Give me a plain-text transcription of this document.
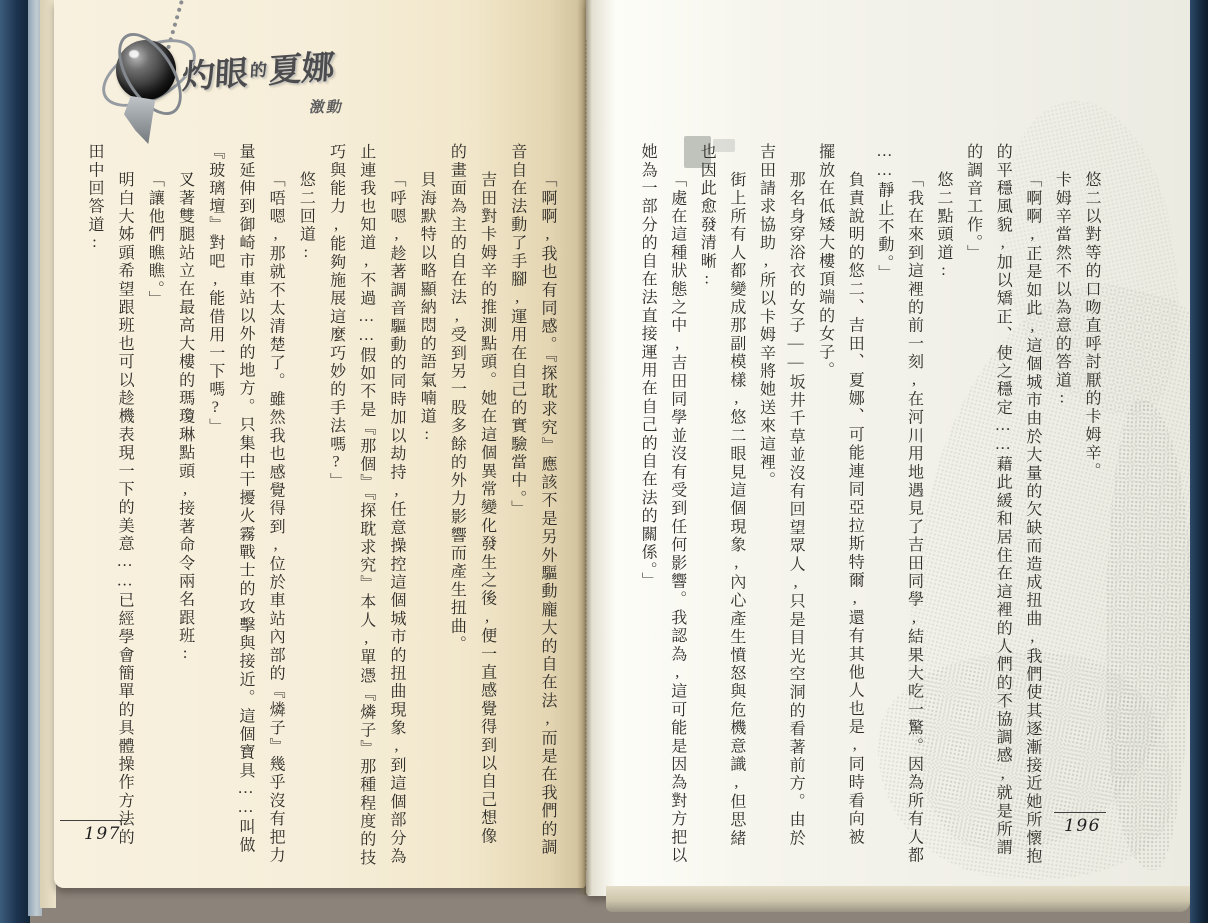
灼眼的夏娜
激動
「啊啊,我也有同感。『探耽求究』應該不是另外驅動龐大的自在法,而是在我們的調
音自在法動了手腳,運用在自己的實驗當中。」
吉田對卡姆辛的推測點頭。她在這個異常變化發生之後,便一直感覺得到以自己想像
的畫面為主的自在法,受到另一股多餘的外力影響而產生扭曲。
貝海默特以略顯納悶的語氣喃道:
「呼嗯,趁著調音驅動的同時加以劫持,任意操控這個城市的扭曲現象,到這個部分為
止連我也知道,不過……假如不是『那個』『探耽求究』本人,單憑『燐子』那種程度的技
巧與能力,能夠施展這麼巧妙的手法嗎?」
悠二回道:
「唔嗯,那就不太清楚了。雖然我也感覺得到,位於車站內部的『燐子』幾乎沒有把力
量延伸到御崎市車站以外的地方。只集中干擾火霧戰士的攻擊與接近。這個寶具……叫做
『玻璃壇』對吧,能借用一下嗎?」
叉著雙腿站立在最高大樓的瑪瓊琳點頭,接著命令兩名跟班:
「讓他們瞧瞧。」
明白大姊頭希望跟班也可以趁機表現一下的美意……已經學會簡單的具體操作方法的
田中回答道:
197
悠二以對等的口吻直呼討厭的卡姆辛。
卡姆辛當然不以為意的答道:
「啊啊,正是如此,這個城市由於大量的欠缺而造成扭曲,我們使其逐漸接近她所懷抱
的平穩風貌,加以矯正、使之穩定……藉此緩和居住在這裡的人們的不協調感,就是所謂
的調音工作。」
悠二點頭道:
「我在來到這裡的前一刻,在河川用地遇見了吉田同學,結果大吃一驚。因為所有人都
……靜止不動。」
負責說明的悠二、吉田、夏娜、可能連同亞拉斯特爾,還有其他人也是,同時看向被
擺放在低矮大樓頂端的女子。
那名身穿浴衣的女子——坂井千草並沒有回望眾人,只是目光空洞的看著前方。由於
吉田請求協助,所以卡姆辛將她送來這裡。
街上所有人都變成那副模樣,悠二眼見這個現象,內心產生憤怒與危機意識,但思緒
也因此愈發清晰:
「處在這種狀態之中,吉田同學並沒有受到任何影響。我認為,這可能是因為對方把以
她為一部分的自在法直接運用在自己的自在法的關係。」
196
